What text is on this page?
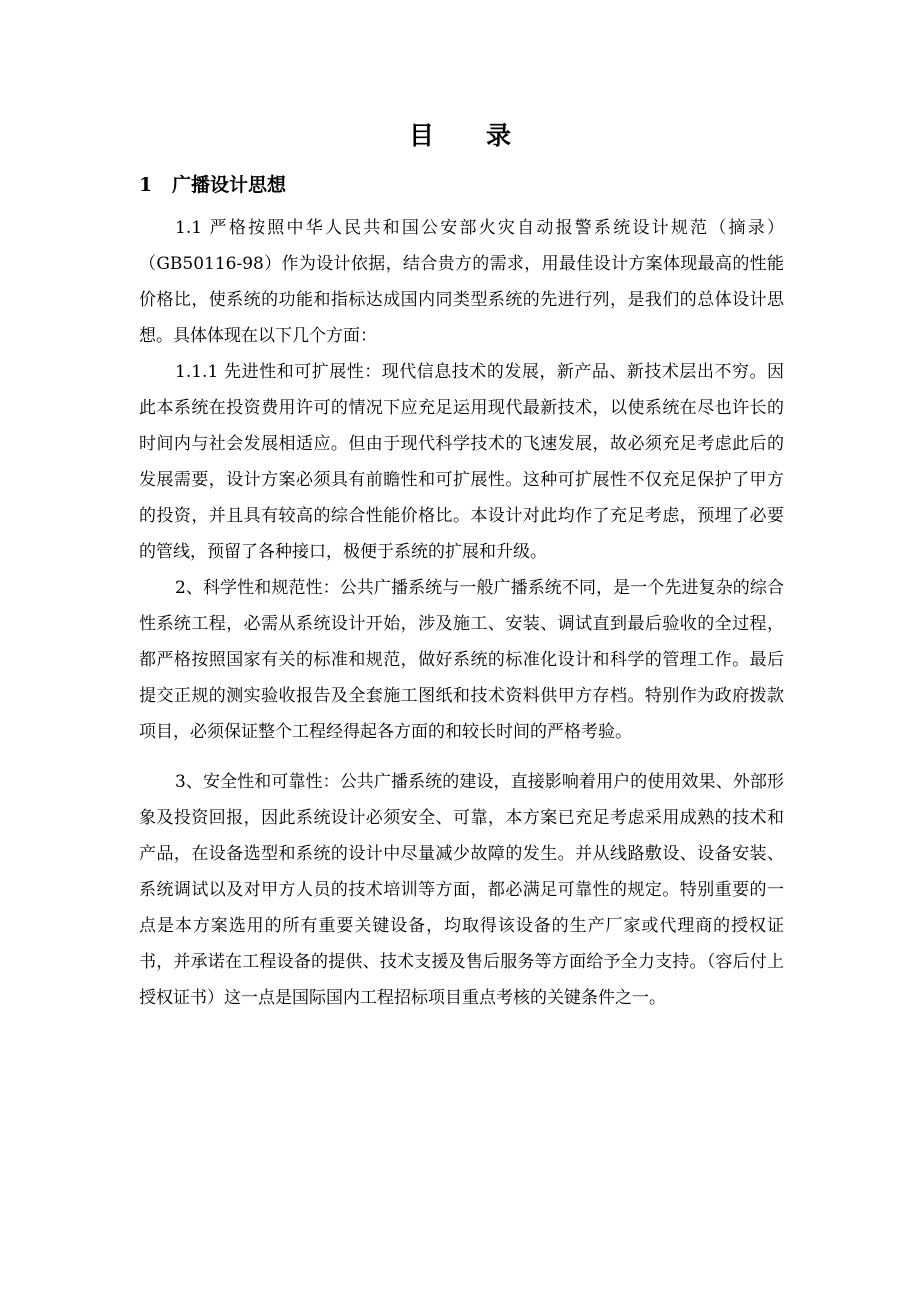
目录
1 广播设计思想

1.1 严格按照中华人民共和国公安部火灾自动报警系统设计规范（摘录）（GB50116-98）作为设计依据，结合贵方的需求，用最佳设计方案体现最高的性能价格比，使系统的功能和指标达成国内同类型系统的先进行列，是我们的总体设计思想。具体体现在以下几个方面：

1.1.1 先进性和可扩展性：现代信息技术的发展，新产品、新技术层出不穷。因此本系统在投资费用许可的情况下应充足运用现代最新技术，以使系统在尽也许长的时间内与社会发展相适应。但由于现代科学技术的飞速发展，故必须充足考虑此后的发展需要，设计方案必须具有前瞻性和可扩展性。这种可扩展性不仅充足保护了甲方的投资，并且具有较高的综合性能价格比。本设计对此均作了充足考虑，预埋了必要的管线，预留了各种接口，极便于系统的扩展和升级。

2、科学性和规范性：公共广播系统与一般广播系统不同，是一个先进复杂的综合性系统工程，必需从系统设计开始，涉及施工、安装、调试直到最后验收的全过程，都严格按照国家有关的标准和规范，做好系统的标准化设计和科学的管理工作。最后提交正规的测实验收报告及全套施工图纸和技术资料供甲方存档。特别作为政府拨款项目，必须保证整个工程经得起各方面的和较长时间的严格考验。

3、安全性和可靠性：公共广播系统的建设，直接影响着用户的使用效果、外部形象及投资回报，因此系统设计必须安全、可靠，本方案已充足考虑采用成熟的技术和产品，在设备选型和系统的设计中尽量减少故障的发生。并从线路敷设、设备安装、系统调试以及对甲方人员的技术培训等方面，都必满足可靠性的规定。特别重要的一点是本方案选用的所有重要关键设备，均取得该设备的生产厂家或代理商的授权证书，并承诺在工程设备的提供、技术支援及售后服务等方面给予全力支持。（容后付上授权证书）这一点是国际国内工程招标项目重点考核的关键条件之一。
